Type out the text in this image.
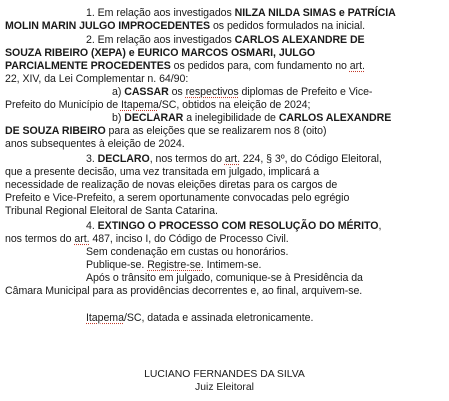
1. Em relação aos investigados NILZA NILDA SIMAS e PATRÍCIA
MOLIN MARIN JULGO IMPROCEDENTES os pedidos formulados na inicial.
2. Em relação aos investigados CARLOS ALEXANDRE DE
SOUZA RIBEIRO (XEPA) e EURICO MARCOS OSMARI, JULGO
PARCIALMENTE PROCEDENTES os pedidos para, com fundamento no art.
22, XIV, da Lei Complementar n. 64/90:
a) CASSAR os respectivos diplomas de Prefeito e Vice-
Prefeito do Município de Itapema/SC, obtidos na eleição de 2024;
b) DECLARAR a inelegibilidade de CARLOS ALEXANDRE
DE SOUZA RIBEIRO para as eleições que se realizarem nos 8 (oito)
anos subsequentes à eleição de 2024.
3. DECLARO, nos termos do art. 224, § 3º, do Código Eleitoral,
que a presente decisão, uma vez transitada em julgado, implicará a
necessidade de realização de novas eleições diretas para os cargos de
Prefeito e Vice-Prefeito, a serem oportunamente convocadas pelo egrégio
Tribunal Regional Eleitoral de Santa Catarina.
4. EXTINGO O PROCESSO COM RESOLUÇÃO DO MÉRITO,
nos termos do art. 487, inciso I, do Código de Processo Civil.
Sem condenação em custas ou honorários.
Publique-se. Registre-se. Intimem-se.
Após o trânsito em julgado, comunique-se à Presidência da
Câmara Municipal para as providências decorrentes e, ao final, arquivem-se.
Itapema/SC, datada e assinada eletronicamente.
LUCIANO FERNANDES DA SILVA
Juiz Eleitoral
